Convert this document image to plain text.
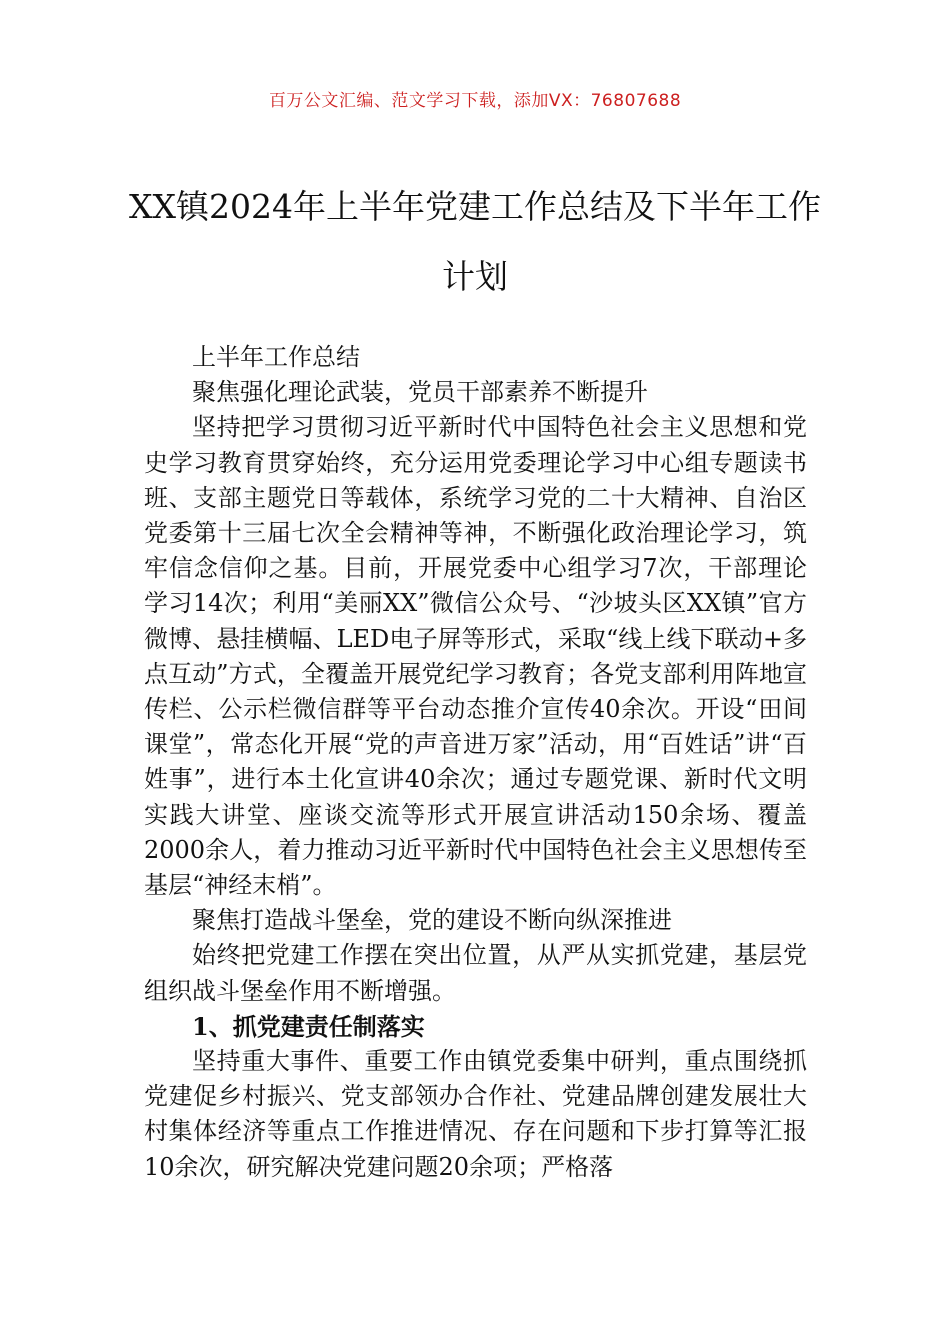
百万公文汇编、范文学习下载，添加VX：76807688
XX镇2024年上半年党建工作总结及下半年工作计划

上半年工作总结

聚焦强化理论武装，党员干部素养不断提升

坚持把学习贯彻习近平新时代中国特色社会主义思想和党史学习教育贯穿始终，充分运用党委理论学习中心组专题读书班、支部主题党日等载体，系统学习党的二十大精神、自治区党委第十三届七次全会精神等神，不断强化政治理论学习，筑牢信念信仰之基。目前，开展党委中心组学习7次，干部理论学习14次；利用“美丽XX”微信公众号、“沙坡头区XX镇”官方微博、悬挂横幅、LED电子屏等形式，采取“线上线下联动+多点互动”方式，全覆盖开展党纪学习教育；各党支部利用阵地宣传栏、公示栏微信群等平台动态推介宣传40余次。开设“田间课堂”，常态化开展“党的声音进万家”活动，用“百姓话”讲“百姓事”，进行本土化宣讲40余次；通过专题党课、新时代文明实践大讲堂、座谈交流等形式开展宣讲活动150余场、覆盖2000余人，着力推动习近平新时代中国特色社会主义思想传至基层“神经末梢”。

聚焦打造战斗堡垒，党的建设不断向纵深推进

始终把党建工作摆在突出位置，从严从实抓党建，基层党组织战斗堡垒作用不断增强。

1、抓党建责任制落实

坚持重大事件、重要工作由镇党委集中研判，重点围绕抓党建促乡村振兴、党支部领办合作社、党建品牌创建发展壮大村集体经济等重点工作推进情况、存在问题和下步打算等汇报10余次，研究解决党建问题20余项；严格落
